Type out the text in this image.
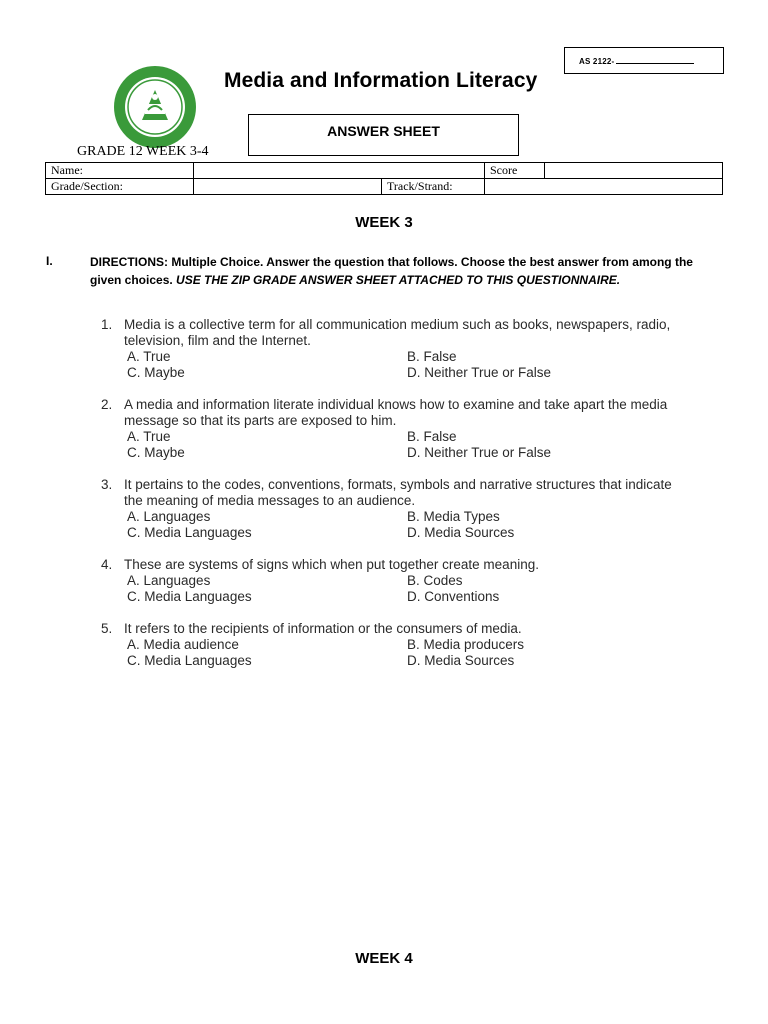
AS 2122-
Media and Information Literacy
ANSWER SHEET
GRADE 12 WEEK 3-4
Name:			Score	
Grade/Section:		Track/Strand:		
WEEK 3
I.	DIRECTIONS: Multiple Choice. Answer the question that follows. Choose the best answer from among the given choices. USE THE ZIP GRADE ANSWER SHEET ATTACHED TO THIS QUESTIONNAIRE.
1. Media is a collective term for all communication medium such as books, newspapers, radio, television, film and the Internet.
A. True	B. False
C. Maybe	D. Neither True or False
2. A media and information literate individual knows how to examine and take apart the media message so that its parts are exposed to him.
A. True	B. False
C. Maybe	D. Neither True or False
3. It pertains to the codes, conventions, formats, symbols and narrative structures that indicate the meaning of media messages to an audience.
A. Languages	B. Media Types
C. Media Languages	D. Media Sources
4. These are systems of signs which when put together create meaning.
A. Languages	B. Codes
C. Media Languages	D. Conventions
5. It refers to the recipients of information or the consumers of media.
A. Media audience	B. Media producers
C. Media Languages	D. Media Sources
WEEK 4
